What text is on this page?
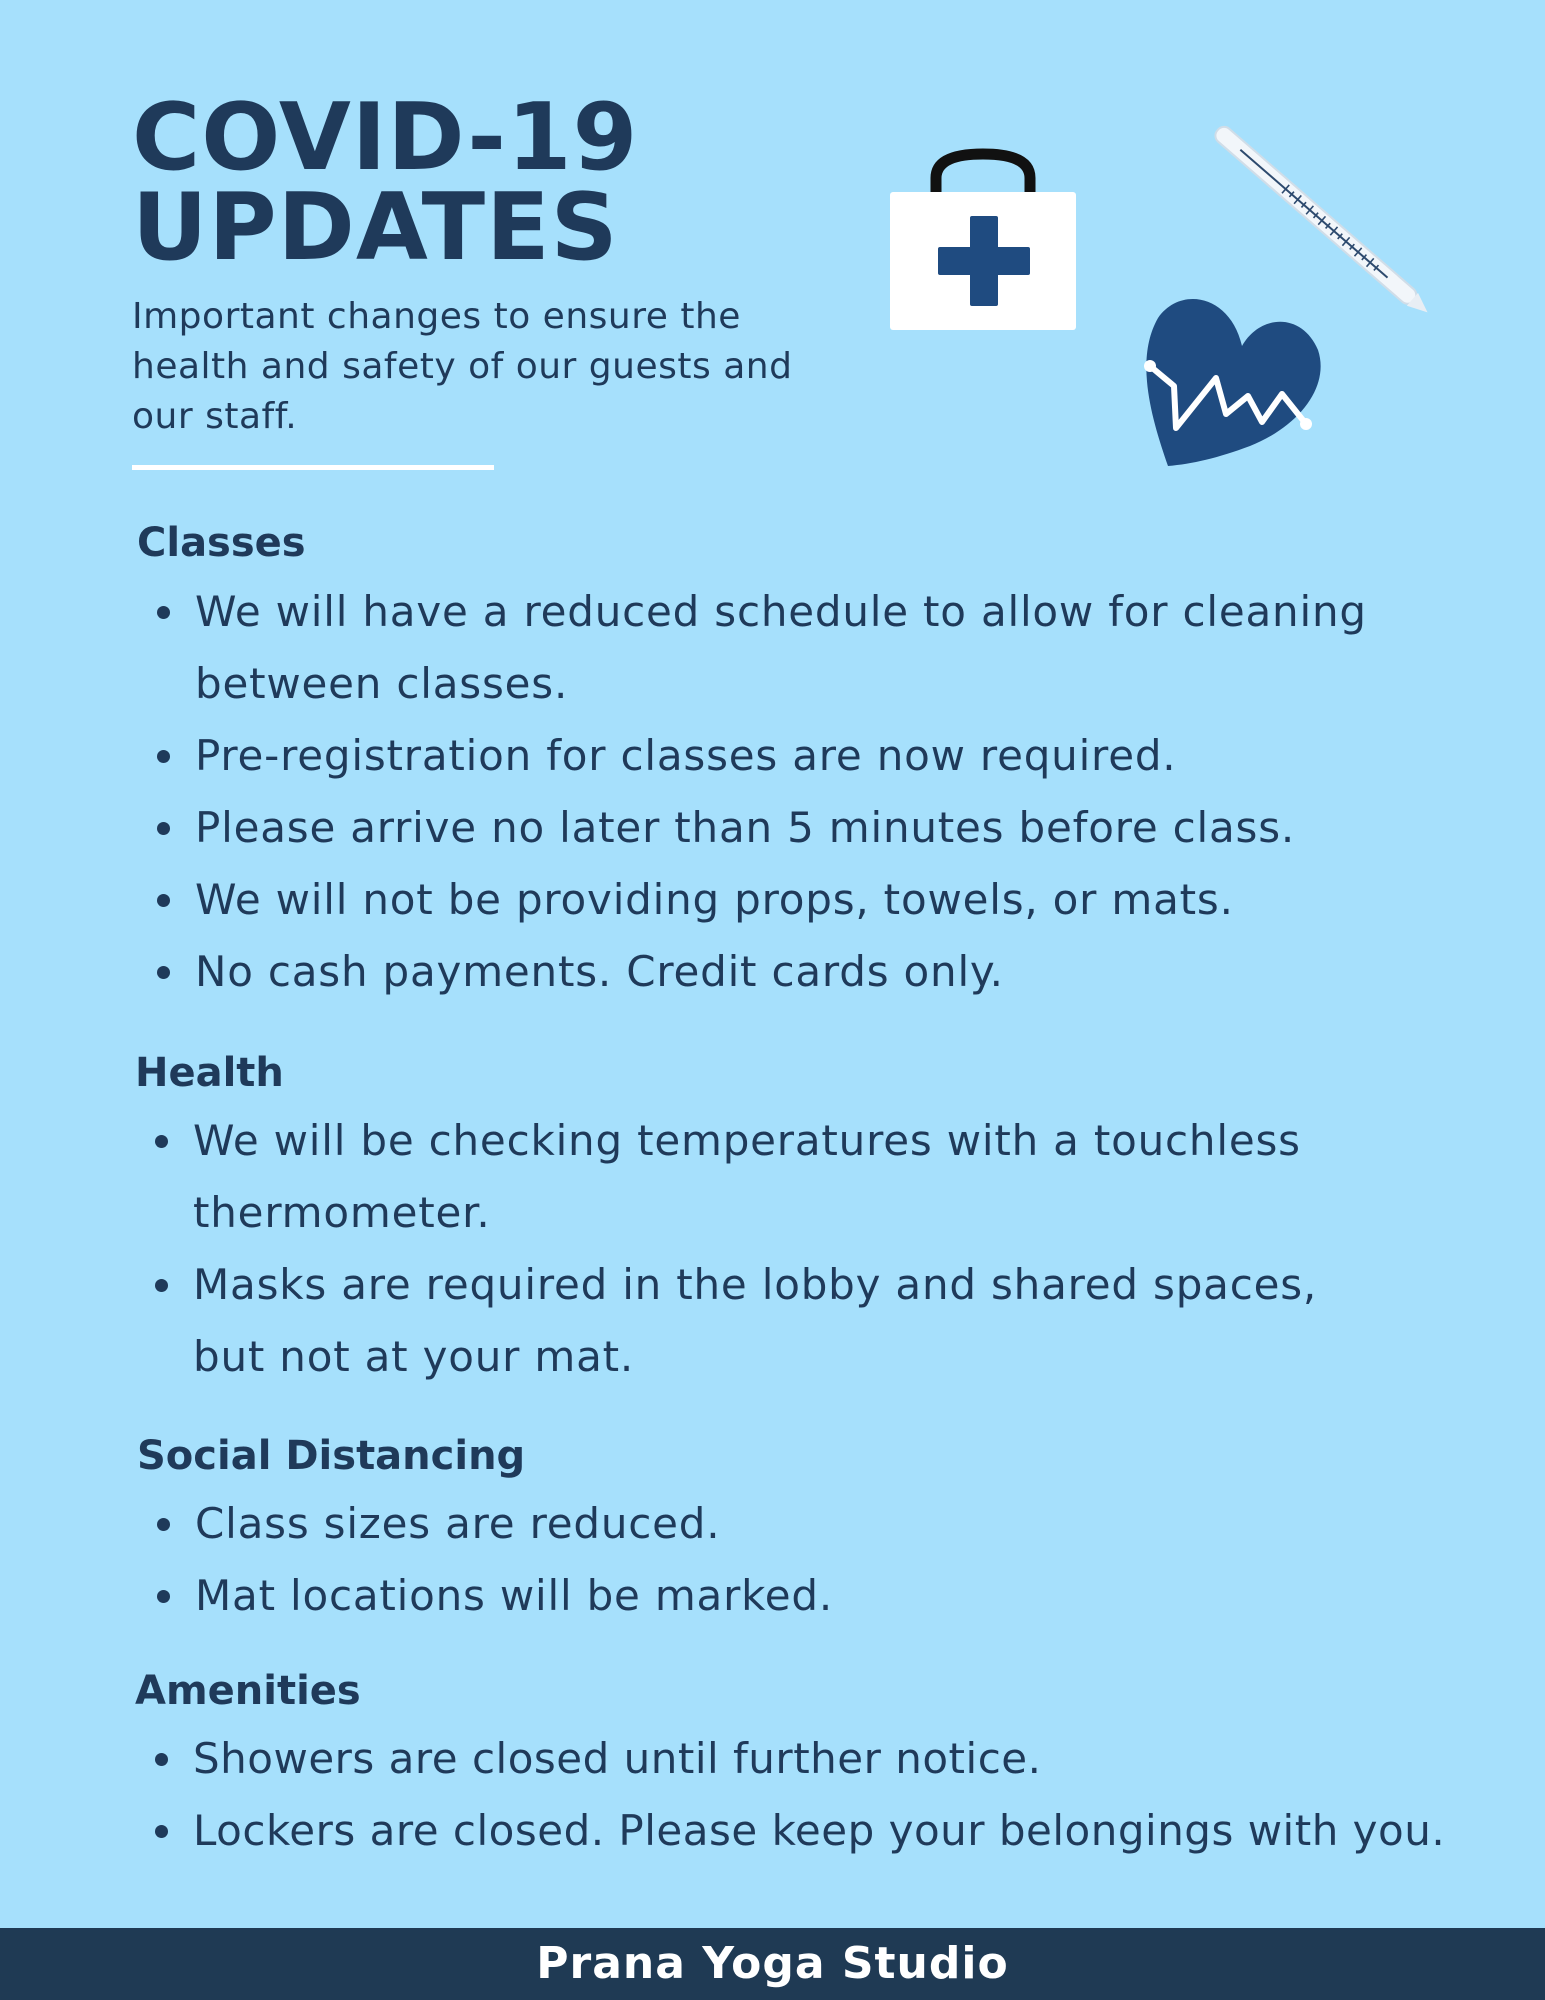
COVID-19
UPDATES
Important changes to ensure the health and safety of our guests and our staff.
Classes
We will have a reduced schedule to allow for cleaning between classes.
Pre-registration for classes are now required.
Please arrive no later than 5 minutes before class.
We will not be providing props, towels, or mats.
No cash payments. Credit cards only.
Health
We will be checking temperatures with a touchless thermometer.
Masks are required in the lobby and shared spaces, but not at your mat.
Social Distancing
Class sizes are reduced.
Mat locations will be marked.
Amenities
Showers are closed until further notice.
Lockers are closed. Please keep your belongings with you.
Prana Yoga Studio
